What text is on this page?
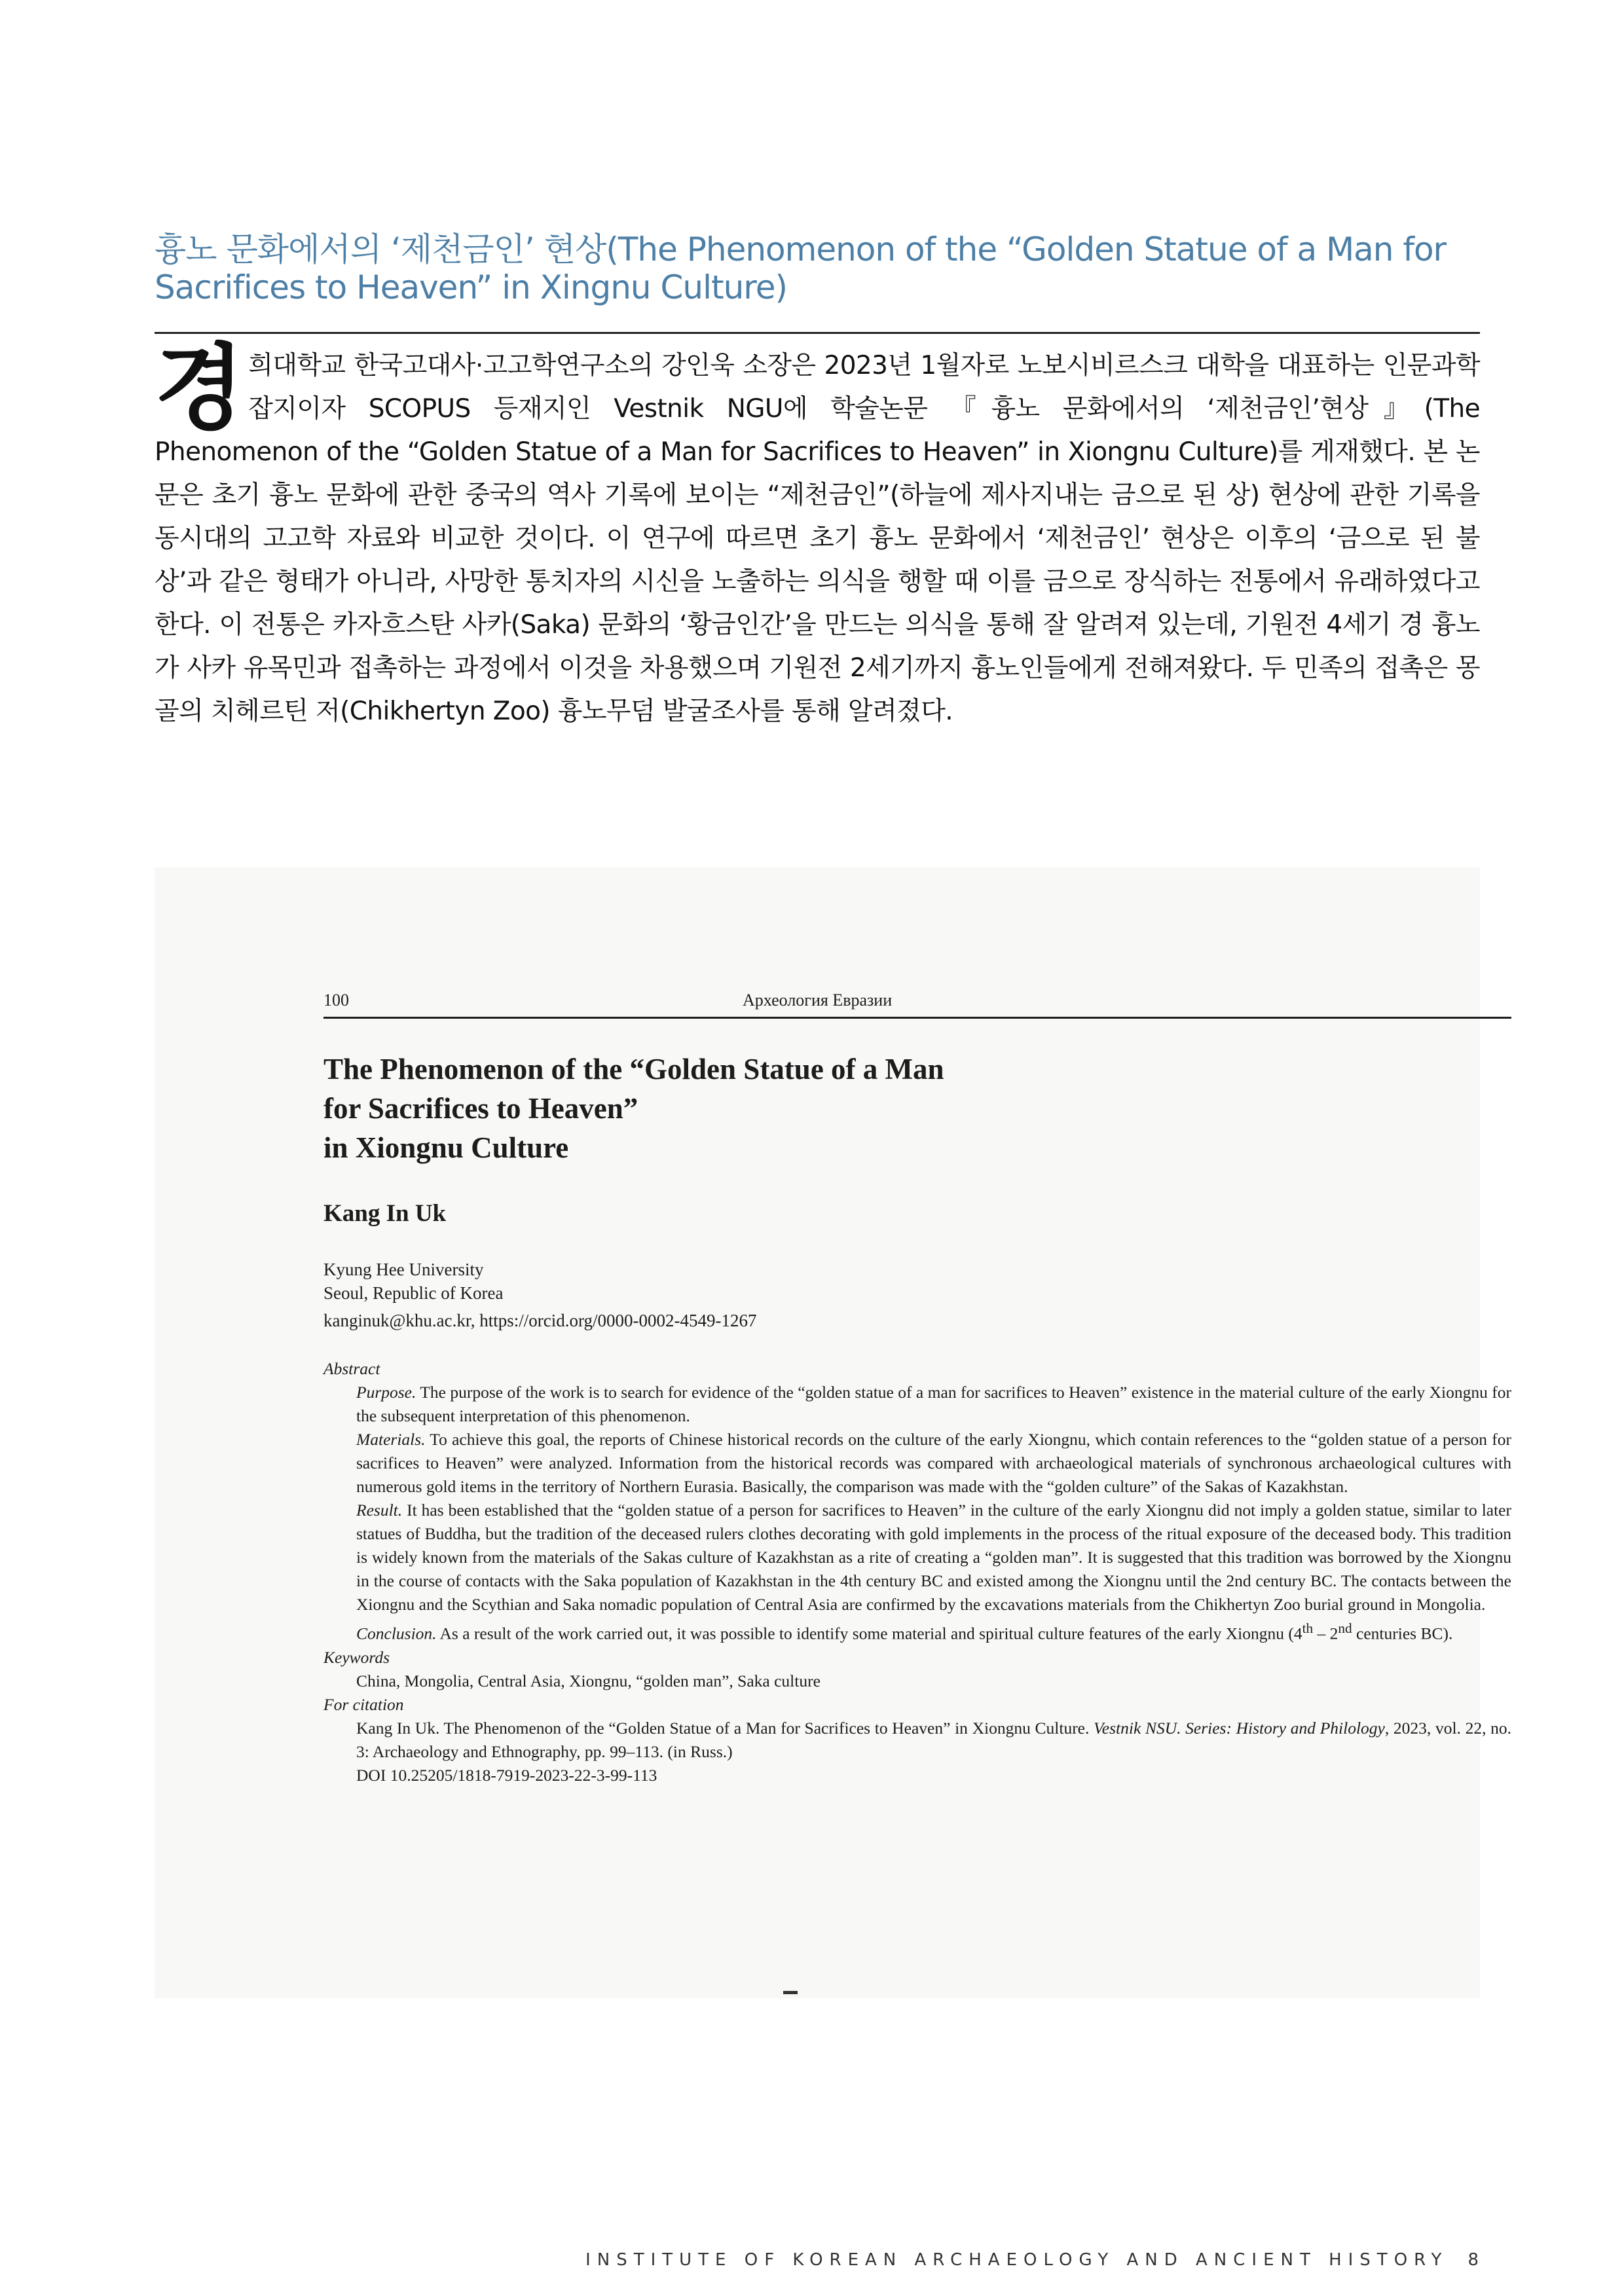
흉노 문화에서의 ‘제천금인’ 현상(The Phenomenon of the “Golden Statue of a Man for Sacrifices to Heaven” in Xingnu Culture)
경희대학교 한국고대사·고고학연구소의 강인욱 소장은 2023년 1월자로 노보시비르스크 대학을 대표하는 인문과학잡지이자 SCOPUS 등재지인 Vestnik NGU에 학술논문 『흉노 문화에서의 ‘제천금인’현상』(The Phenomenon of the “Golden Statue of a Man for Sacrifices to Heaven” in Xiongnu Culture)를 게재했다. 본 논문은 초기 흉노 문화에 관한 중국의 역사 기록에 보이는 “제천금인”(하늘에 제사지내는 금으로 된 상) 현상에 관한 기록을 동시대의 고고학 자료와 비교한 것이다. 이 연구에 따르면 초기 흉노 문화에서 ‘제천금인’ 현상은 이후의 ‘금으로 된 불상’과 같은 형태가 아니라, 사망한 통치자의 시신을 노출하는 의식을 행할 때 이를 금으로 장식하는 전통에서 유래하였다고 한다. 이 전통은 카자흐스탄 사카(Saka) 문화의 ‘황금인간’을 만드는 의식을 통해 잘 알려져 있는데, 기원전 4세기 경 흉노가 사카 유목민과 접촉하는 과정에서 이것을 차용했으며 기원전 2세기까지 흉노인들에게 전해져왔다. 두 민족의 접촉은 몽골의 치헤르틴 저(Chikhertyn Zoo) 흉노무덤 발굴조사를 통해 알려졌다.
100	Археология Евразии
The Phenomenon of the “Golden Statue of a Man
for Sacrifices to Heaven”
in Xiongnu Culture
Kang In Uk
Kyung Hee University
Seoul, Republic of Korea
kanginuk@khu.ac.kr, https://orcid.org/0000-0002-4549-1267
Abstract
Purpose. The purpose of the work is to search for evidence of the “golden statue of a man for sacrifices to Heaven” existence in the material culture of the early Xiongnu for the subsequent interpretation of this phenomenon.
Materials. To achieve this goal, the reports of Chinese historical records on the culture of the early Xiongnu, which contain references to the “golden statue of a person for sacrifices to Heaven” were analyzed. Information from the historical records was compared with archaeological materials of synchronous archaeological cultures with numerous gold items in the territory of Northern Eurasia. Basically, the comparison was made with the “golden culture” of the Sakas of Kazakhstan.
Result. It has been established that the “golden statue of a person for sacrifices to Heaven” in the culture of the early Xiongnu did not imply a golden statue, similar to later statues of Buddha, but the tradition of the deceased rulers clothes decorating with gold implements in the process of the ritual exposure of the deceased body. This tradition is widely known from the materials of the Sakas culture of Kazakhstan as a rite of creating a “golden man”. It is suggested that this tradition was borrowed by the Xiongnu in the course of contacts with the Saka population of Kazakhstan in the 4th century BC and existed among the Xiongnu until the 2nd century BC. The contacts between the Xiongnu and the Scythian and Saka nomadic population of Central Asia are confirmed by the excavations materials from the Chikhertyn Zoo burial ground in Mongolia.
Conclusion. As a result of the work carried out, it was possible to identify some material and spiritual culture features of the early Xiongnu (4th – 2nd centuries BC).
Keywords
China, Mongolia, Central Asia, Xiongnu, “golden man”, Saka culture
For citation
Kang In Uk. The Phenomenon of the “Golden Statue of a Man for Sacrifices to Heaven” in Xiongnu Culture. Vestnik NSU. Series: History and Philology, 2023, vol. 22, no. 3: Archaeology and Ethnography, pp. 99–113. (in Russ.)
DOI 10.25205/1818-7919-2023-22-3-99-113
INSTITUTE OF KOREAN ARCHAEOLOGY AND ANCIENT HISTORY 8
